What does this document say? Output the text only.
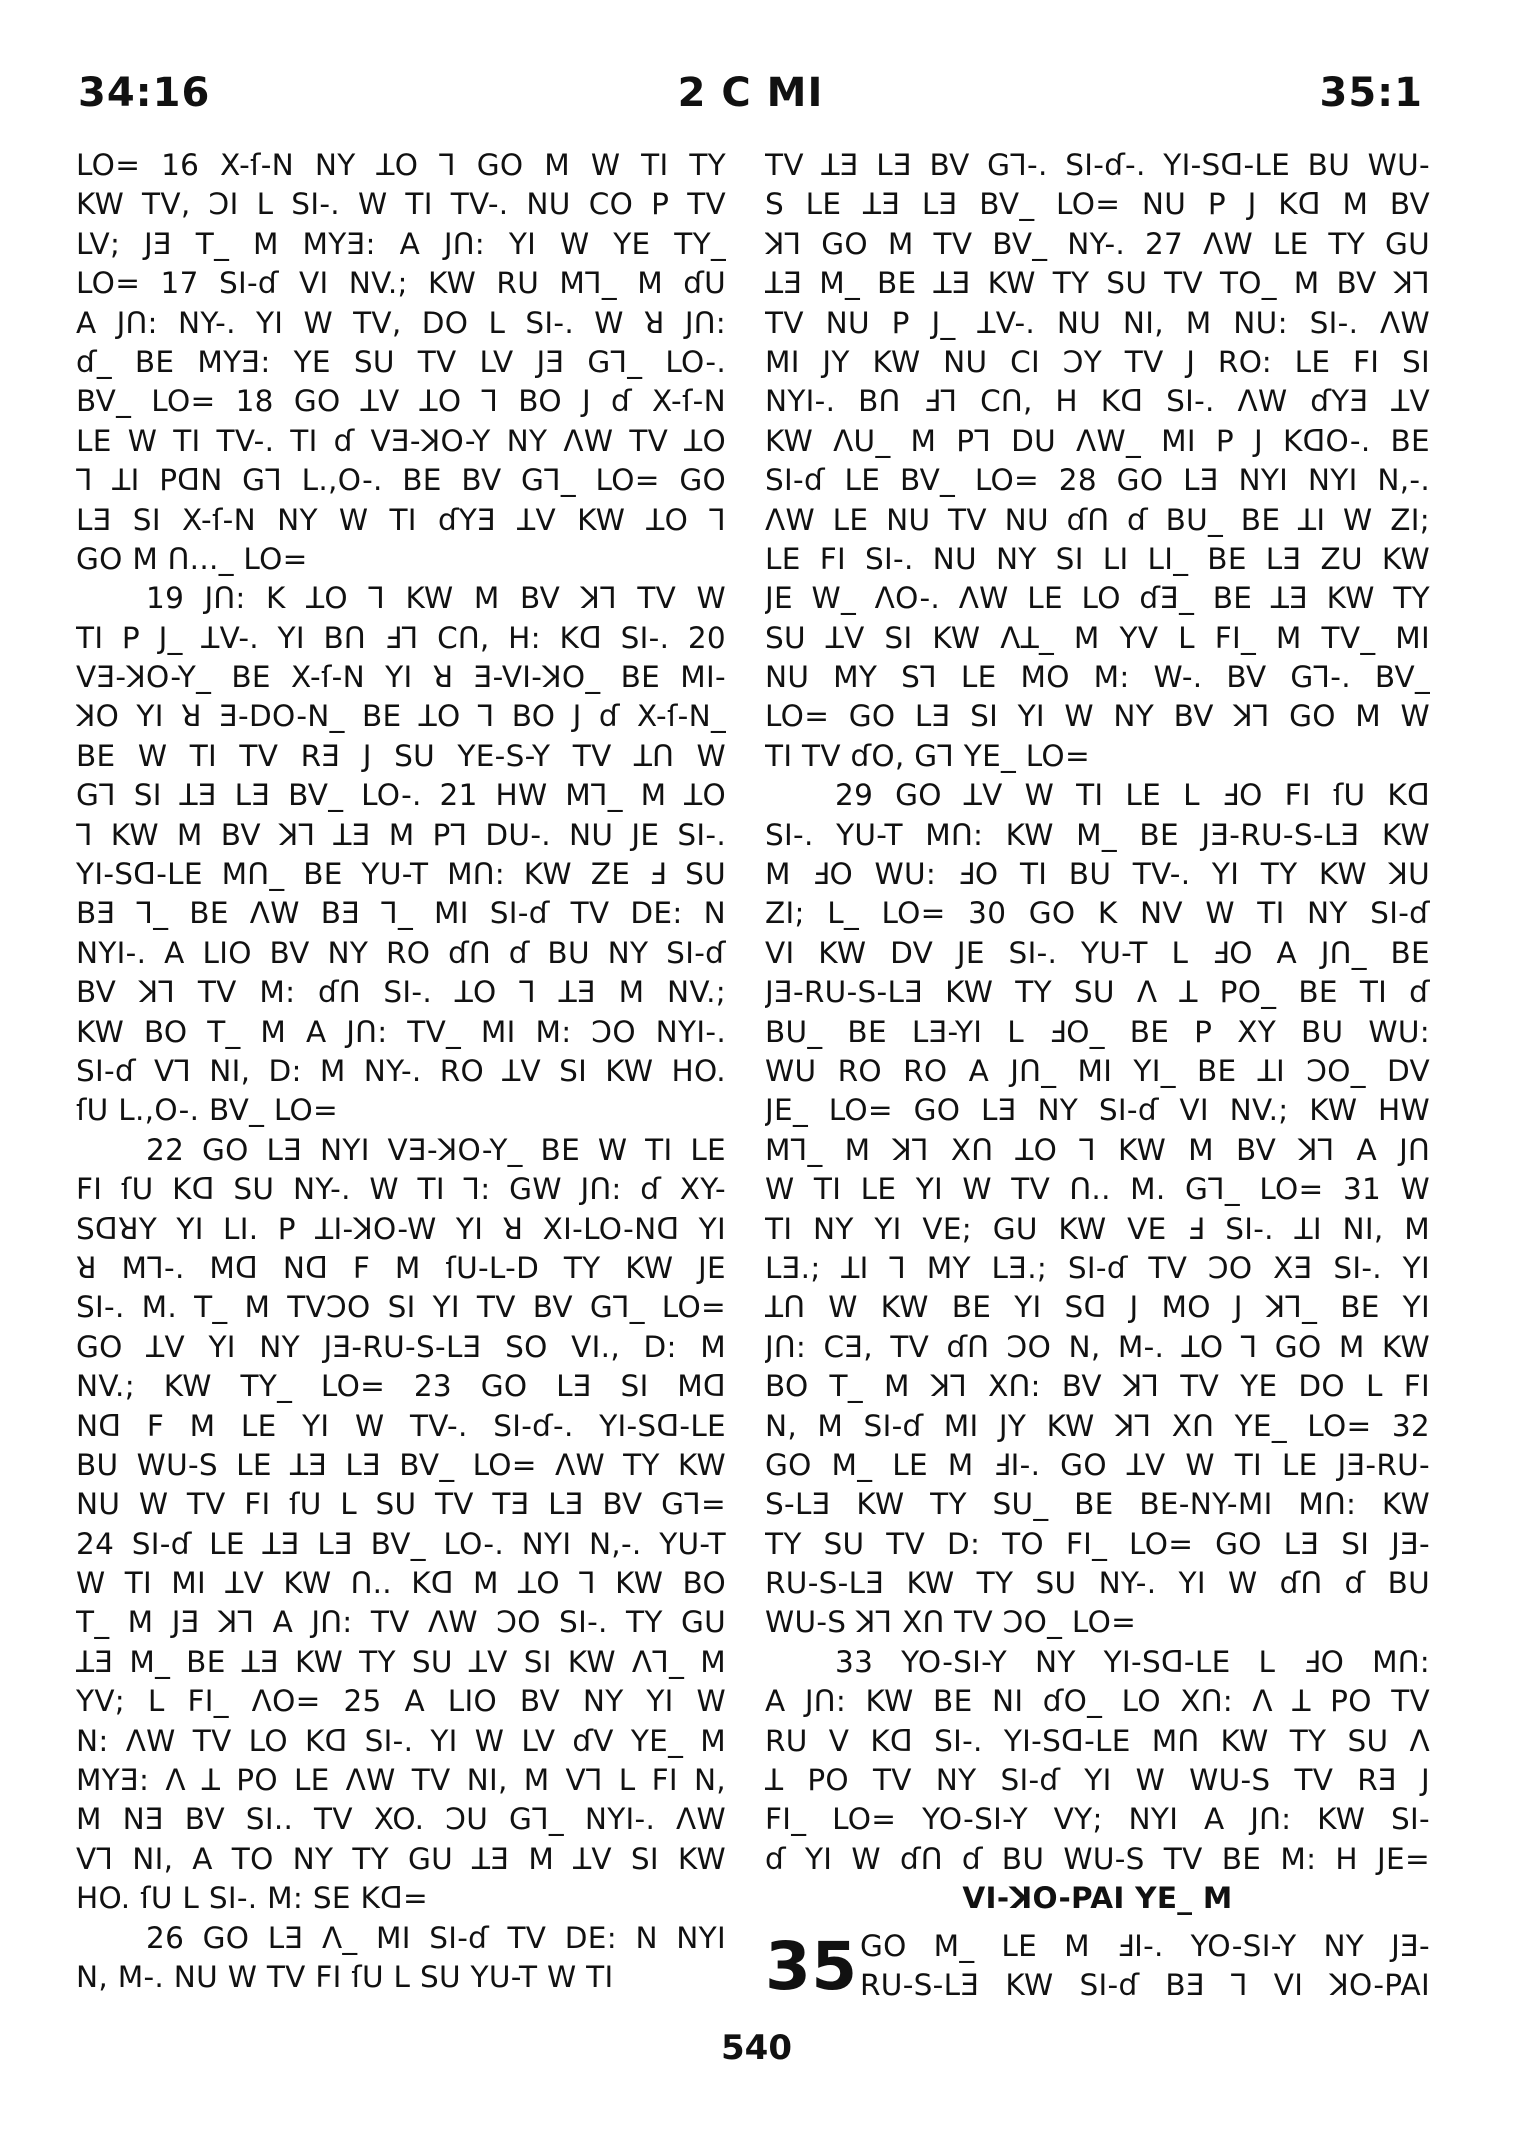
34:16	2 C MI	35:1
LO= 16 X-ſ-N NY ꓕO ꓶ GO M W TI TY
KW TV, ƆI L SI-. W TI TV-. NU CO P TV
LV; JƎ T_ M MYƎ: A JՈ: YI W YE TY_
LO= 17 SI-ɗ VI NV.; KW RU Mꓶ_ M ɗU
A JՈ: NY-. YI W TV, DO L SI-. W ꓤ JՈ:
ɗ_ BE MYƎ: YE SU TV LV JƎ Gꓶ_ LO-.
BV_ LO= 18 GO ꓕV ꓕO ꓶ BO J ɗ X-ſ-N
LE W TI TV-. TI ɗ VƎ-ꓘO-Y NY ɅW TV ꓕO
ꓶ ꓕI PᗡN Gꓶ L.,O-. BE BV Gꓶ_ LO= GO
LƎ SI X-ſ-N NY W TI ɗYƎ ꓕV KW ꓕO ꓶ
GO M Ո..._ LO=
19 JՈ: K ꓕO ꓶ KW M BV ꓘꓶ TV W
TI P J_ ꓕV-. YI BՈ ꓞꓶ CՈ, H: Kᗡ SI-. 20
VƎ-ꓘO-Y_ BE X-ſ-N YI ꓤ Ǝ-VI-ꓘO_ BE MI-
ꓘO YI ꓤ Ǝ-DO-N_ BE ꓕO ꓶ BO J ɗ X-ſ-N_
BE W TI TV RƎ J SU YE-S-Y TV ꓕՈ W
Gꓶ SI ꓕƎ LƎ BV_ LO-. 21 HW Mꓶ_ M ꓕO
ꓶ KW M BV ꓘꓶ ꓕƎ M Pꓶ DU-. NU JE SI-.
YI-Sᗡ-LE MՈ_ BE YU-T MՈ: KW ZE ꓞ SU
BƎ ꓶ_ BE ɅW BƎ ꓶ_ MI SI-ɗ TV DE: N
NYI-. A LIO BV NY RO ɗՈ ɗ BU NY SI-ɗ
BV ꓘꓶ TV M: ɗՈ SI-. ꓕO ꓶ ꓕƎ M NV.;
KW BO T_ M A JՈ: TV_ MI M: ƆO NYI-.
SI-ɗ Vꓶ NI, D: M NY-. RO ꓕV SI KW HO.
ſU L.,O-. BV_ LO=
22 GO LƎ NYI VƎ-ꓘO-Y_ BE W TI LE
FI ſU Kᗡ SU NY-. W TI ꓶ: GW JՈ: ɗ XY-
SᗡꓤY YI LI. P ꓕI-ꓘO-W YI ꓤ XI-LO-Nᗡ YI
ꓤ Mꓶ-. Mᗡ Nᗡ F M ſU-L-D TY KW JE
SI-. M. T_ M TVƆO SI YI TV BV Gꓶ_ LO=
GO ꓕV YI NY JƎ-RU-S-LƎ SO VI., D: M
NV.; KW TY_ LO= 23 GO LƎ SI Mᗡ
Nᗡ F M LE YI W TV-. SI-ɗ-. YI-Sᗡ-LE
BU WU-S LE ꓕƎ LƎ BV_ LO= ɅW TY KW
NU W TV FI ſU L SU TV TƎ LƎ BV Gꓶ=
24 SI-ɗ LE ꓕƎ LƎ BV_ LO-. NYI N,-. YU-T
W TI MI ꓕV KW Ո.. Kᗡ M ꓕO ꓶ KW BO
T_ M JƎ ꓘꓶ A JՈ: TV ɅW ƆO SI-. TY GU
ꓕƎ M_ BE ꓕƎ KW TY SU ꓕV SI KW Ʌꓶ_ M
YV; L FI_ ɅO= 25 A LIO BV NY YI W
N: ɅW TV LO Kᗡ SI-. YI W LV ɗV YE_ M
MYƎ: Ʌ ꓕ PO LE ɅW TV NI, M Vꓶ L FI N,
M NƎ BV SI.. TV XO. ƆU Gꓶ_ NYI-. ɅW
Vꓶ NI, A TO NY TY GU ꓕƎ M ꓕV SI KW
HO. ſU L SI-. M: SE Kᗡ=
26 GO LƎ Ʌ_ MI SI-ɗ TV DE: N NYI
N, M-. NU W TV FI ſU L SU YU-T W TI
TV ꓕƎ LƎ BV Gꓶ-. SI-ɗ-. YI-Sᗡ-LE BU WU-
S LE ꓕƎ LƎ BV_ LO= NU P J Kᗡ M BV
ꓘꓶ GO M TV BV_ NY-. 27 ɅW LE TY GU
ꓕƎ M_ BE ꓕƎ KW TY SU TV TO_ M BV ꓘꓶ
TV NU P J_ ꓕV-. NU NI, M NU: SI-. ɅW
MI JY KW NU CI ƆY TV J RO: LE FI SI
NYI-. BՈ ꓞꓶ CՈ, H Kᗡ SI-. ɅW ɗYƎ ꓕV
KW ɅU_ M Pꓶ DU ɅW_ MI P J KᗡO-. BE
SI-ɗ LE BV_ LO= 28 GO LƎ NYI NYI N,-.
ɅW LE NU TV NU ɗՈ ɗ BU_ BE ꓕI W ZI;
LE FI SI-. NU NY SI LI LI_ BE LƎ ZU KW
JE W_ ɅO-. ɅW LE LO ɗƎ_ BE ꓕƎ KW TY
SU ꓕV SI KW Ʌꓕ_ M YV L FI_ M TV_ MI
NU MY Sꓶ LE MO M: W-. BV Gꓶ-. BV_
LO= GO LƎ SI YI W NY BV ꓘꓶ GO M W
TI TV ɗO, Gꓶ YE_ LO=
29 GO ꓕV W TI LE L ꓞO FI ſU Kᗡ
SI-. YU-T MՈ: KW M_ BE JƎ-RU-S-LƎ KW
M ꓞO WU: ꓞO TI BU TV-. YI TY KW ꓘU
ZI; L_ LO= 30 GO K NV W TI NY SI-ɗ
VI KW DV JE SI-. YU-T L ꓞO A JՈ_ BE
JƎ-RU-S-LƎ KW TY SU Ʌ ꓕ PO_ BE TI ɗ
BU_ BE LƎ-YI L ꓞO_ BE P XY BU WU:
WU RO RO A JՈ_ MI YI_ BE ꓕI ƆO_ DV
JE_ LO= GO LƎ NY SI-ɗ VI NV.; KW HW
Mꓶ_ M ꓘꓶ XՈ ꓕO ꓶ KW M BV ꓘꓶ A JՈ
W TI LE YI W TV Ո.. M. Gꓶ_ LO= 31 W
TI NY YI VE; GU KW VE ꓞ SI-. ꓕI NI, M
LƎ.; ꓕI ꓶ MY LƎ.; SI-ɗ TV ƆO XƎ SI-. YI
ꓕՈ W KW BE YI Sᗡ J MO J ꓘꓶ_ BE YI
JՈ: CƎ, TV ɗՈ ƆO N, M-. ꓕO ꓶ GO M KW
BO T_ M ꓘꓶ XՈ: BV ꓘꓶ TV YE DO L FI
N, M SI-ɗ MI JY KW ꓘꓶ XՈ YE_ LO= 32
GO M_ LE M ꓞI-. GO ꓕV W TI LE JƎ-RU-
S-LƎ KW TY SU_ BE BE-NY-MI MՈ: KW
TY SU TV D: TO FI_ LO= GO LƎ SI JƎ-
RU-S-LƎ KW TY SU NY-. YI W ɗՈ ɗ BU
WU-S ꓘꓶ XՈ TV ƆO_ LO=
33 YO-SI-Y NY YI-Sᗡ-LE L ꓞO MՈ:
A JՈ: KW BE NI ɗO_ LO XՈ: Ʌ ꓕ PO TV
RU V Kᗡ SI-. YI-Sᗡ-LE MՈ KW TY SU Ʌ
ꓕ PO TV NY SI-ɗ YI W WU-S TV RƎ J
FI_ LO= YO-SI-Y VY; NYI A JՈ: KW SI-
ɗ YI W ɗՈ ɗ BU WU-S TV BE M: H JE=
VI-ꓘO-PAI YE_ M
35 GO M_ LE M ꓞI-. YO-SI-Y NY JƎ-
RU-S-LƎ KW SI-ɗ BƎ ꓶ VI ꓘO-PAI
540
